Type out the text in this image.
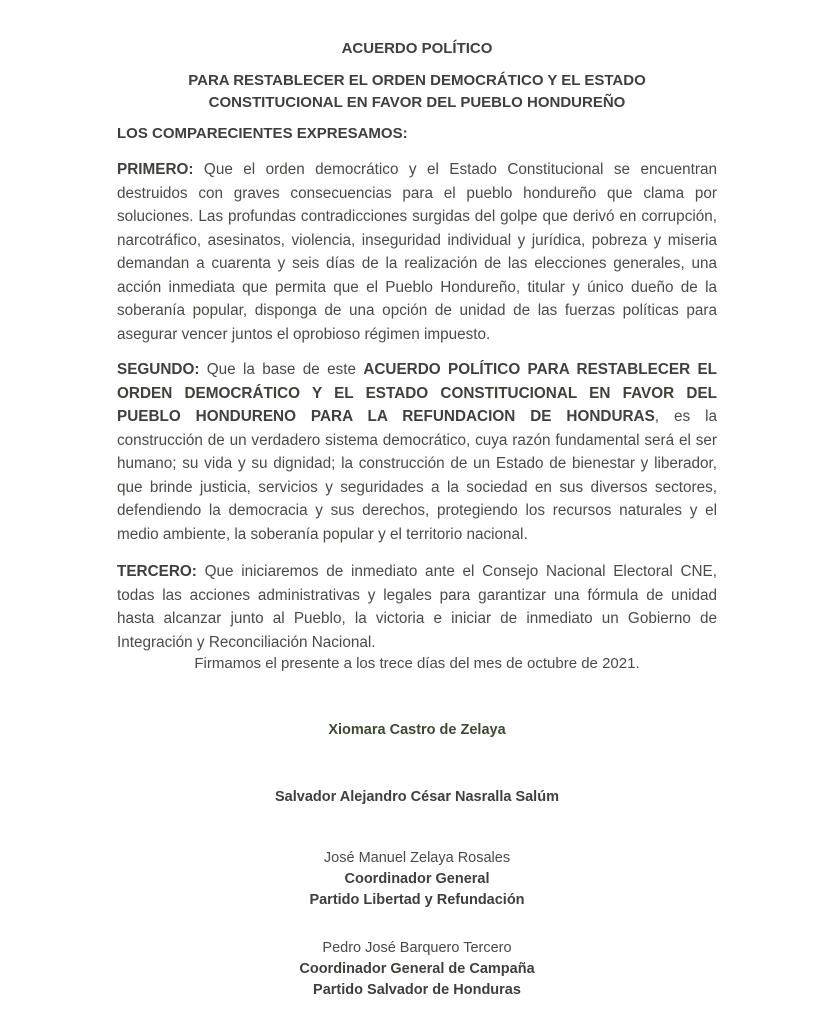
ACUERDO POLÍTICO
PARA RESTABLECER EL ORDEN DEMOCRÁTICO Y EL ESTADO
CONSTITUCIONAL EN FAVOR DEL PUEBLO HONDUREÑO
LOS COMPARECIENTES EXPRESAMOS:
PRIMERO: Que el orden democrático y el Estado Constitucional se encuentran destruidos con graves consecuencias para el pueblo hondureño que clama por soluciones. Las profundas contradicciones surgidas del golpe que derivó en corrupción, narcotráfico, asesinatos, violencia, inseguridad individual y jurídica, pobreza y miseria demandan a cuarenta y seis días de la realización de las elecciones generales, una acción inmediata que permita que el Pueblo Hondureño, titular y único dueño de la soberanía popular, disponga de una opción de unidad de las fuerzas políticas para asegurar vencer juntos el oprobioso régimen impuesto.
SEGUNDO: Que la base de este ACUERDO POLÍTICO PARA RESTABLECER EL ORDEN DEMOCRÁTICO Y EL ESTADO CONSTITUCIONAL EN FAVOR DEL PUEBLO HONDURENO PARA LA REFUNDACION DE HONDURAS, es la construcción de un verdadero sistema democrático, cuya razón fundamental será el ser humano; su vida y su dignidad; la construcción de un Estado de bienestar y liberador, que brinde justicia, servicios y seguridades a la sociedad en sus diversos sectores, defendiendo la democracia y sus derechos, protegiendo los recursos naturales y el medio ambiente, la soberanía popular y el territorio nacional.
TERCERO: Que iniciaremos de inmediato ante el Consejo Nacional Electoral CNE, todas las acciones administrativas y legales para garantizar una fórmula de unidad hasta alcanzar junto al Pueblo, la victoria e iniciar de inmediato un Gobierno de Integración y Reconciliación Nacional.
Firmamos el presente a los trece días del mes de octubre de 2021.
Xiomara Castro de Zelaya
Salvador Alejandro César Nasralla Salúm
José Manuel Zelaya Rosales
Coordinador General
Partido Libertad y Refundación
Pedro José Barquero Tercero
Coordinador General de Campaña
Partido Salvador de Honduras
